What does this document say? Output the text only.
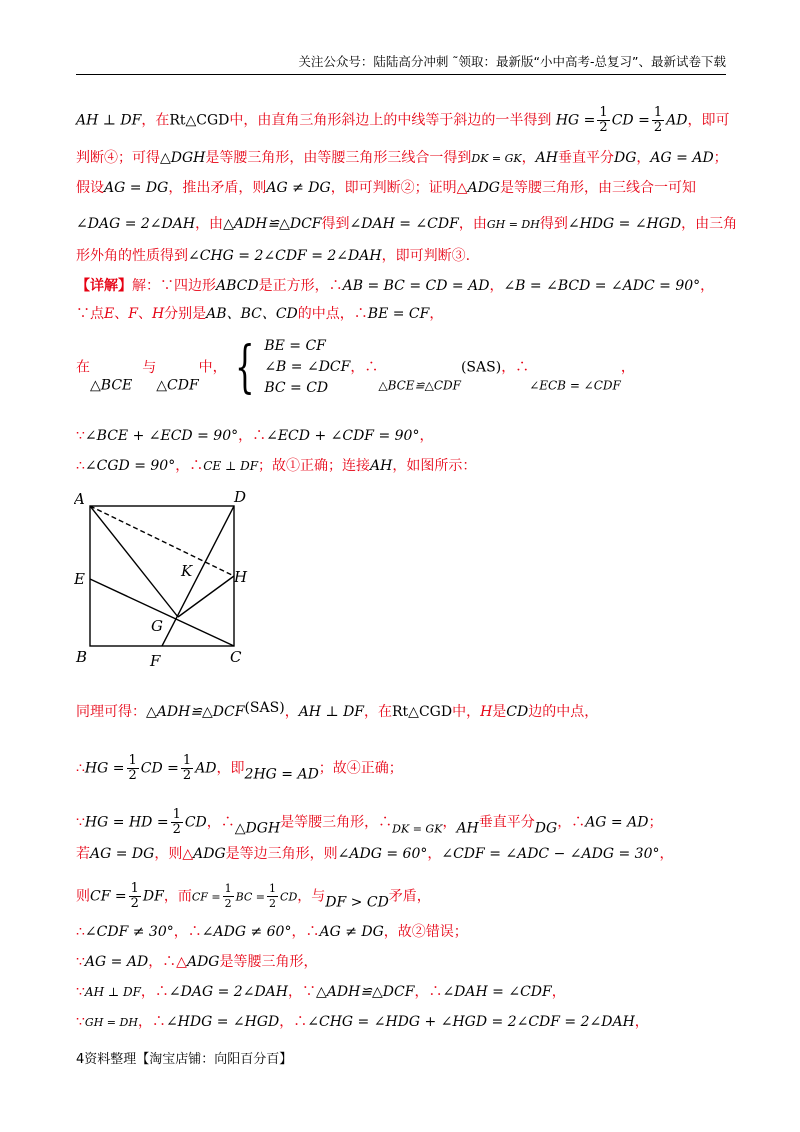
关注公众号：陆陆高分冲刺 ˜领取：最新版“小中高考-总复习”、最新试卷下载
AH ⊥ DF，在Rt△CGD中，由直角三角形斜边上的中线等于斜边的一半得到 HG = $\frac{1}{2}$ CD = $\frac{1}{2}$ AD，即可
判断④；可得△DGH是等腰三角形，由等腰三角形三线合一得到DK = GK，AH垂直平分DG，AG = AD；
假设AG = DG，推出矛盾，则AG ≠ DG，即可判断②；证明△ADG是等腰三角形，由三线合一可知
∠DAG = 2∠DAH，由△ADH≌△DCF得到∠DAH = ∠CDF，由GH = DH得到∠HDG = ∠HGD，由三角
形外角的性质得到∠CHG = 2∠CDF = 2∠DAH，即可判断③.
【详解】解：∵四边形ABCD是正方形，∴AB = BC = CD = AD，∠B = ∠BCD = ∠ADC = 90°，
∵点E、F、H分别是AB、BC、CD的中点，∴BE = CF，
在△BCE与△CDF中， { BE = CF
∠B = ∠DCF
BC = CD
，∴△BCE≌△CDF(SAS)，∴∠ECB = ∠CDF，
∵∠BCE + ∠ECD = 90°，∴∠ECD + ∠CDF = 90°，
∴∠CGD = 90°，∴CE ⊥ DF；故①正确；连接AH，如图所示：
同理可得：△ADH≌△DCF(SAS)，AH ⊥ DF，在Rt△CGD中，H是CD边的中点，
∴HG = $\frac{1}{2}$ CD = $\frac{1}{2}$ AD，即2HG = AD；故④正确；
∵HG = HD = $\frac{1}{2}$ CD，∴△DGH是等腰三角形，$\therefore_{DK = GK}$，AH垂直平分DG，∴AG = AD；
若AG = DG，则△ADG是等边三角形，则∠ADG = 60°，∠CDF = ∠ADC − ∠ADG = 30°，
则CF = $\frac{1}{2}$ DF，而CF = $\frac{1}{2}$ BC = $\frac{1}{2}$ CD，与DF > CD矛盾，
∴∠CDF ≠ 30°，∴∠ADG ≠ 60°，∴AG ≠ DG，故②错误；
∵AG = AD，∴△ADG是等腰三角形，
∵AH ⊥ DF，∴∠DAG = 2∠DAH，∵△ADH≌△DCF，∴∠DAH = ∠CDF，
∵GH = DH，∴∠HDG = ∠HGD，∴∠CHG = ∠HDG + ∠HGD = 2∠CDF = 2∠DAH，
A	D
E	H
K
G
B	F	C
4资料整理【淘宝店铺：向阳百分百】
